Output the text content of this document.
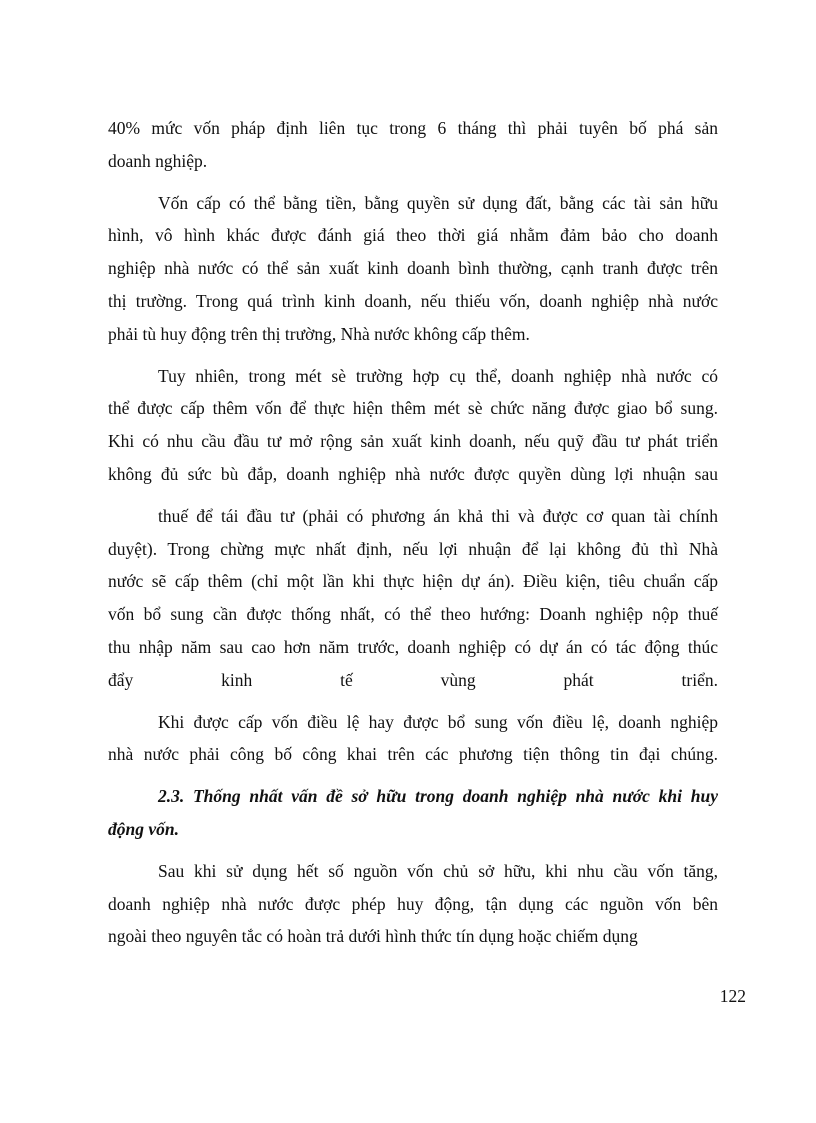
40% mức vốn pháp định liên tục trong 6 tháng thì phải tuyên bố phá sản
doanh nghiệp.
Vốn cấp có thể bằng tiền, bằng quyền sử dụng đất, bằng các tài sản hữu
hình, vô hình khác được đánh giá theo thời giá nhằm đảm bảo cho doanh
nghiệp nhà nước có thể sản xuất kinh doanh bình thường, cạnh tranh được trên
thị trường. Trong quá trình kinh doanh, nếu thiếu vốn, doanh nghiệp nhà nước
phải tù huy động trên thị trường, Nhà nước không cấp thêm.
Tuy nhiên, trong mét sè trường hợp cụ thể, doanh nghiệp nhà nước có
thể được cấp thêm vốn để thực hiện thêm mét sè chức năng được giao bổ sung.
Khi có nhu cầu đầu tư mở rộng sản xuất kinh doanh, nếu quỹ đầu tư phát triển
không đủ sức bù đắp, doanh nghiệp nhà nước được quyền dùng lợi nhuận sau
thuế để tái đầu tư (phải có phương án khả thi và được cơ quan tài chính
duyệt). Trong chừng mực nhất định, nếu lợi nhuận để lại không đủ thì Nhà
nước sẽ cấp thêm (chỉ một lần khi thực hiện dự án). Điều kiện, tiêu chuẩn cấp
vốn bổ sung cần được thống nhất, có thể theo hướng: Doanh nghiệp nộp thuế
thu nhập năm sau cao hơn năm trước, doanh nghiệp có dự án có tác động thúc
đẩy kinh tế vùng phát triển.
Khi được cấp vốn điều lệ hay được bổ sung vốn điều lệ, doanh nghiệp
nhà nước phải công bố công khai trên các phương tiện thông tin đại chúng.
2.3. Thống nhất vấn đề sở hữu trong doanh nghiệp nhà nước khi huy
động vốn.
Sau khi sử dụng hết số nguồn vốn chủ sở hữu, khi nhu cầu vốn tăng,
doanh nghiệp nhà nước được phép huy động, tận dụng các nguồn vốn bên
ngoài theo nguyên tắc có hoàn trả dưới hình thức tín dụng hoặc chiếm dụng
122
